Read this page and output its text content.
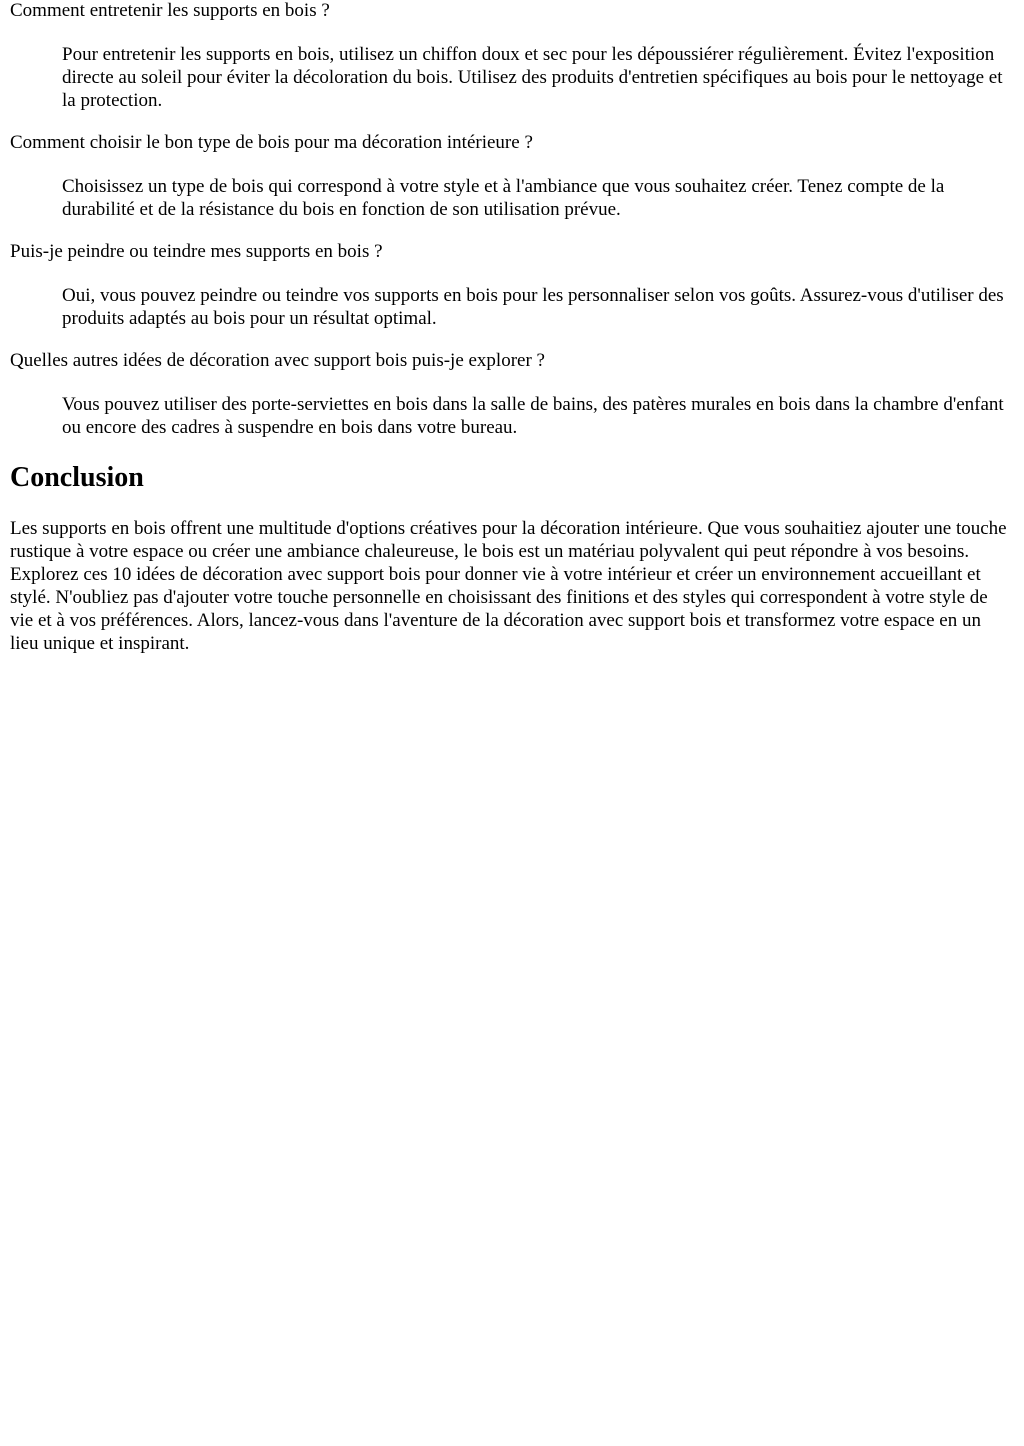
Comment entretenir les supports en bois ?
Pour entretenir les supports en bois, utilisez un chiffon doux et sec pour les dépoussiérer régulièrement. Évitez l'exposition directe au soleil pour éviter la décoloration du bois. Utilisez des produits d'entretien spécifiques au bois pour le nettoyage et la protection.
Comment choisir le bon type de bois pour ma décoration intérieure ?
Choisissez un type de bois qui correspond à votre style et à l'ambiance que vous souhaitez créer. Tenez compte de la durabilité et de la résistance du bois en fonction de son utilisation prévue.
Puis-je peindre ou teindre mes supports en bois ?
Oui, vous pouvez peindre ou teindre vos supports en bois pour les personnaliser selon vos goûts. Assurez-vous d'utiliser des produits adaptés au bois pour un résultat optimal.
Quelles autres idées de décoration avec support bois puis-je explorer ?
Vous pouvez utiliser des porte-serviettes en bois dans la salle de bains, des patères murales en bois dans la chambre d'enfant ou encore des cadres à suspendre en bois dans votre bureau.
Conclusion

Les supports en bois offrent une multitude d'options créatives pour la décoration intérieure. Que vous souhaitiez ajouter une touche rustique à votre espace ou créer une ambiance chaleureuse, le bois est un matériau polyvalent qui peut répondre à vos besoins. Explorez ces 10 idées de décoration avec support bois pour donner vie à votre intérieur et créer un environnement accueillant et stylé. N'oubliez pas d'ajouter votre touche personnelle en choisissant des finitions et des styles qui correspondent à votre style de vie et à vos préférences. Alors, lancez-vous dans l'aventure de la décoration avec support bois et transformez votre espace en un lieu unique et inspirant.
